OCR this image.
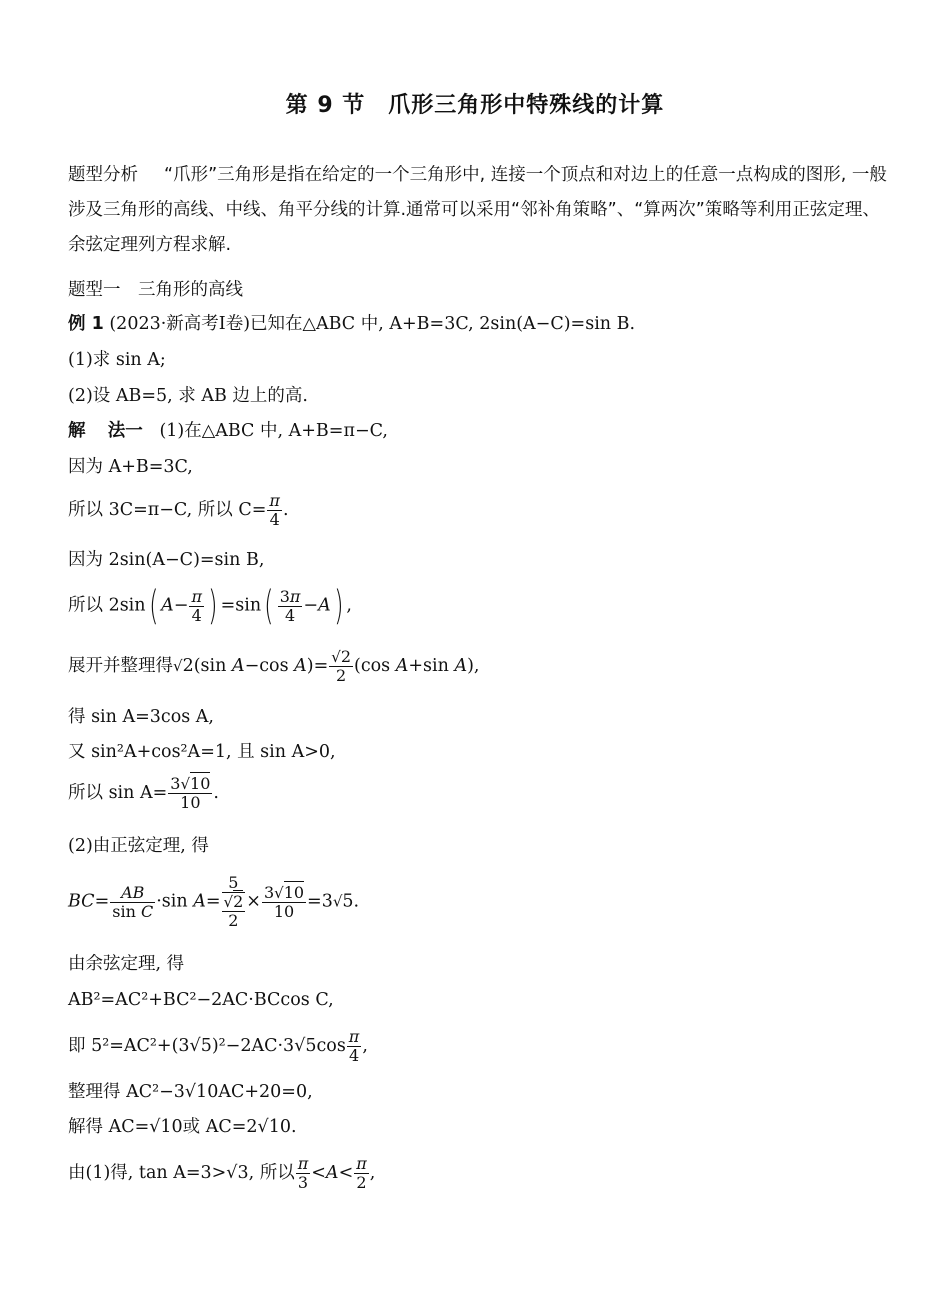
第 9 节　爪形三角形中特殊线的计算
题型分析 “爪形”三角形是指在给定的一个三角形中, 连接一个顶点和对边上的任意一点构成的图形, 一般涉及三角形的高线、中线、角平分线的计算.通常可以采用“邻补角策略”、“算两次”策略等利用正弦定理、余弦定理列方程求解.
题型一　三角形的高线
例 1 (2023·新高考Ⅰ卷)已知在△ABC 中, A+B=3C, 2sin(A−C)=sin B.
(1)求 sin A;
(2)设 AB=5, 求 AB 边上的高.
解 法一 (1)在△ABC 中, A+B=π−C,
因为 A+B=3C,
所以 3C=π−C, 所以 $C= \frac{\pi}{4}$ .
因为 2sin(A−C)=sin B,
所以 2sin( $A- \frac{\pi}{4}$ ) $=\sin( \frac{3\pi}{4} -A)$ ,
展开并整理得√2(sin A−cos $A)= \frac{√2}{2} (\cos$ A+sin A),
得 sin A=3cos A,
又 sin²A+cos²A=1, 且 sin A>0,
所以 $\sin A= \frac{3√10}{10}$ .
(2)由正弦定理, 得
$BC= \frac{AB}{\text{sin C}} \cdot\sin$ A=
5
√2
2
× $\frac{3√10}{10} =3√5$.
由余弦定理, 得
AB²=AC²+BC²−2AC·BCcos C,
即 $5^2=AC^2+(3√5)^2-2AC\cdot 3√5\cos \frac{\pi}{4}$ ,
整理得 AC²−3√10AC+20=0,
解得 AC=√10或 AC=2√10.
由(1)得, tan A=3>√3, 所以 $\frac{\pi}{3} <A< \frac{\pi}{2}$ ,
